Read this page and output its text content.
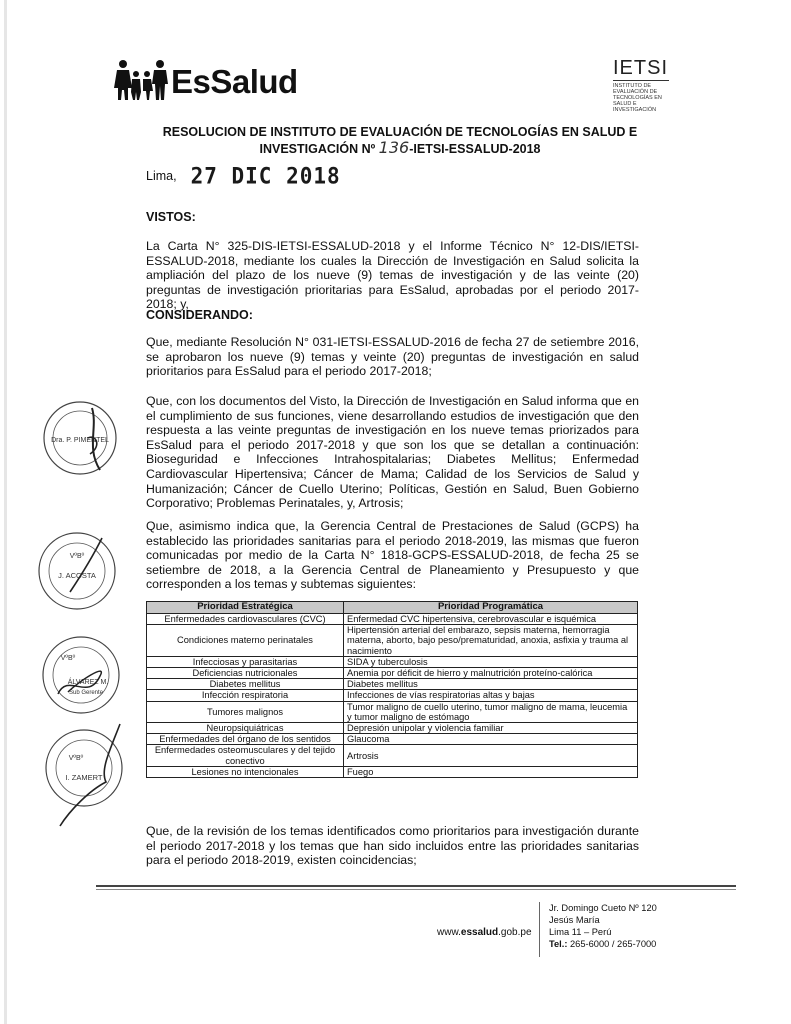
EsSalud	IETSI
INSTITUTO DE EVALUACIÓN DE TECNOLOGÍAS EN SALUD E INVESTIGACIÓN
RESOLUCION DE INSTITUTO DE EVALUACIÓN DE TECNOLOGÍAS EN SALUD E
INVESTIGACIÓN Nº 136-IETSI-ESSALUD-2018
Lima, 27 DIC 2018
VISTOS:
La Carta N° 325-DIS-IETSI-ESSALUD-2018 y el Informe Técnico N° 12-DIS/IETSI-ESSALUD-2018, mediante los cuales la Dirección de Investigación en Salud solicita la ampliación del plazo de los nueve (9) temas de investigación y de las veinte (20) preguntas de investigación prioritarias para EsSalud, aprobadas por el periodo 2017-2018; y,
CONSIDERANDO:
Que, mediante Resolución N° 031-IETSI-ESSALUD-2016 de fecha 27 de setiembre 2016, se aprobaron los nueve (9) temas y veinte (20) preguntas de investigación en salud prioritarios para EsSalud para el periodo 2017-2018;
Que, con los documentos del Visto, la Dirección de Investigación en Salud informa que en el cumplimiento de sus funciones, viene desarrollando estudios de investigación que den respuesta a las veinte preguntas de investigación en los nueve temas priorizados para EsSalud para el periodo 2017-2018 y que son los que se detallan a continuación: Bioseguridad e Infecciones Intrahospitalarias; Diabetes Mellitus; Enfermedad Cardiovascular Hipertensiva; Cáncer de Mama; Calidad de los Servicios de Salud y Humanización; Cáncer de Cuello Uterino; Políticas, Gestión en Salud, Buen Gobierno Corporativo; Problemas Perinatales, y, Artrosis;
Que, asimismo indica que, la Gerencia Central de Prestaciones de Salud (GCPS) ha establecido las prioridades sanitarias para el periodo 2018-2019, las mismas que fueron comunicadas por medio de la Carta N° 1818-GCPS-ESSALUD-2018, de fecha 25 se setiembre de 2018, a la Gerencia Central de Planeamiento y Presupuesto y que corresponden a los temas y subtemas siguientes:
Prioridad Estratégica	Prioridad Programática
Enfermedades cardiovasculares (CVC)	Enfermedad CVC hipertensiva, cerebrovascular e isquémica
Condiciones materno perinatales	Hipertensión arterial del embarazo, sepsis materna, hemorragia materna, aborto, bajo peso/prematuridad, anoxia, asfixia y trauma al nacimiento
Infecciosas y parasitarias	SIDA y tuberculosis
Deficiencias nutricionales	Anemia por déficit de hierro y malnutrición proteíno-calórica
Diabetes mellitus	Diabetes mellitus
Infección respiratoria	Infecciones de vías respiratorias altas y bajas
Tumores malignos	Tumor maligno de cuello uterino, tumor maligno de mama, leucemia y tumor maligno de estómago
Neuropsiquiátricas	Depresión unipolar y violencia familiar
Enfermedades del órgano de los sentidos	Glaucoma
Enfermedades osteomusculares y del tejido conectivo	Artrosis
Lesiones no intencionales	Fuego
Que, de la revisión de los temas identificados como prioritarios para investigación durante el periodo 2017-2018 y los temas que han sido incluidos entre las prioridades sanitarias para el periodo 2018-2019, existen coincidencias;
Dra. P. PIMENTEL
VºBº
J. ACOSTA
VºBº
ÁLVAREZ M.
Sub Gerente
VºBº
I. ZAMERT
www.essalud.gob.pe
Jr. Domingo Cueto Nº 120
Jesús María
Lima 11 – Perú
Tel.: 265-6000 / 265-7000
